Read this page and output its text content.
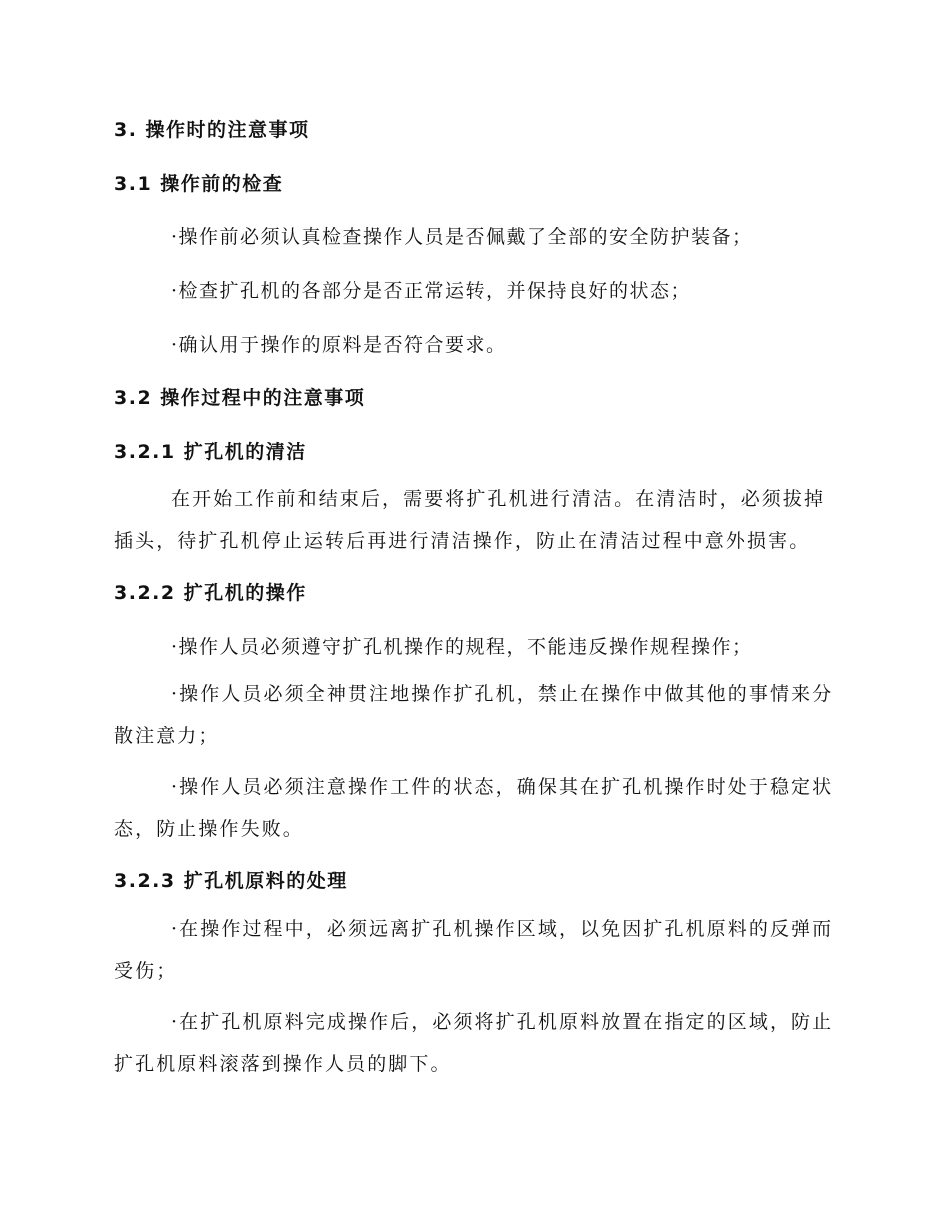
3. 操作时的注意事项
3.1 操作前的检查
·操作前必须认真检查操作人员是否佩戴了全部的安全防护装备；
·检查扩孔机的各部分是否正常运转，并保持良好的状态；
·确认用于操作的原料是否符合要求。
3.2 操作过程中的注意事项
3.2.1 扩孔机的清洁

在开始工作前和结束后，需要将扩孔机进行清洁。在清洁时，必须拔掉插头，待扩孔机停止运转后再进行清洁操作，防止在清洁过程中意外损害。

3.2.2 扩孔机的操作
·操作人员必须遵守扩孔机操作的规程，不能违反操作规程操作；

·操作人员必须全神贯注地操作扩孔机，禁止在操作中做其他的事情来分散注意力；

·操作人员必须注意操作工件的状态，确保其在扩孔机操作时处于稳定状态，防止操作失败。

3.2.3 扩孔机原料的处理

·在操作过程中，必须远离扩孔机操作区域，以免因扩孔机原料的反弹而受伤；

·在扩孔机原料完成操作后，必须将扩孔机原料放置在指定的区域，防止扩孔机原料滚落到操作人员的脚下。
